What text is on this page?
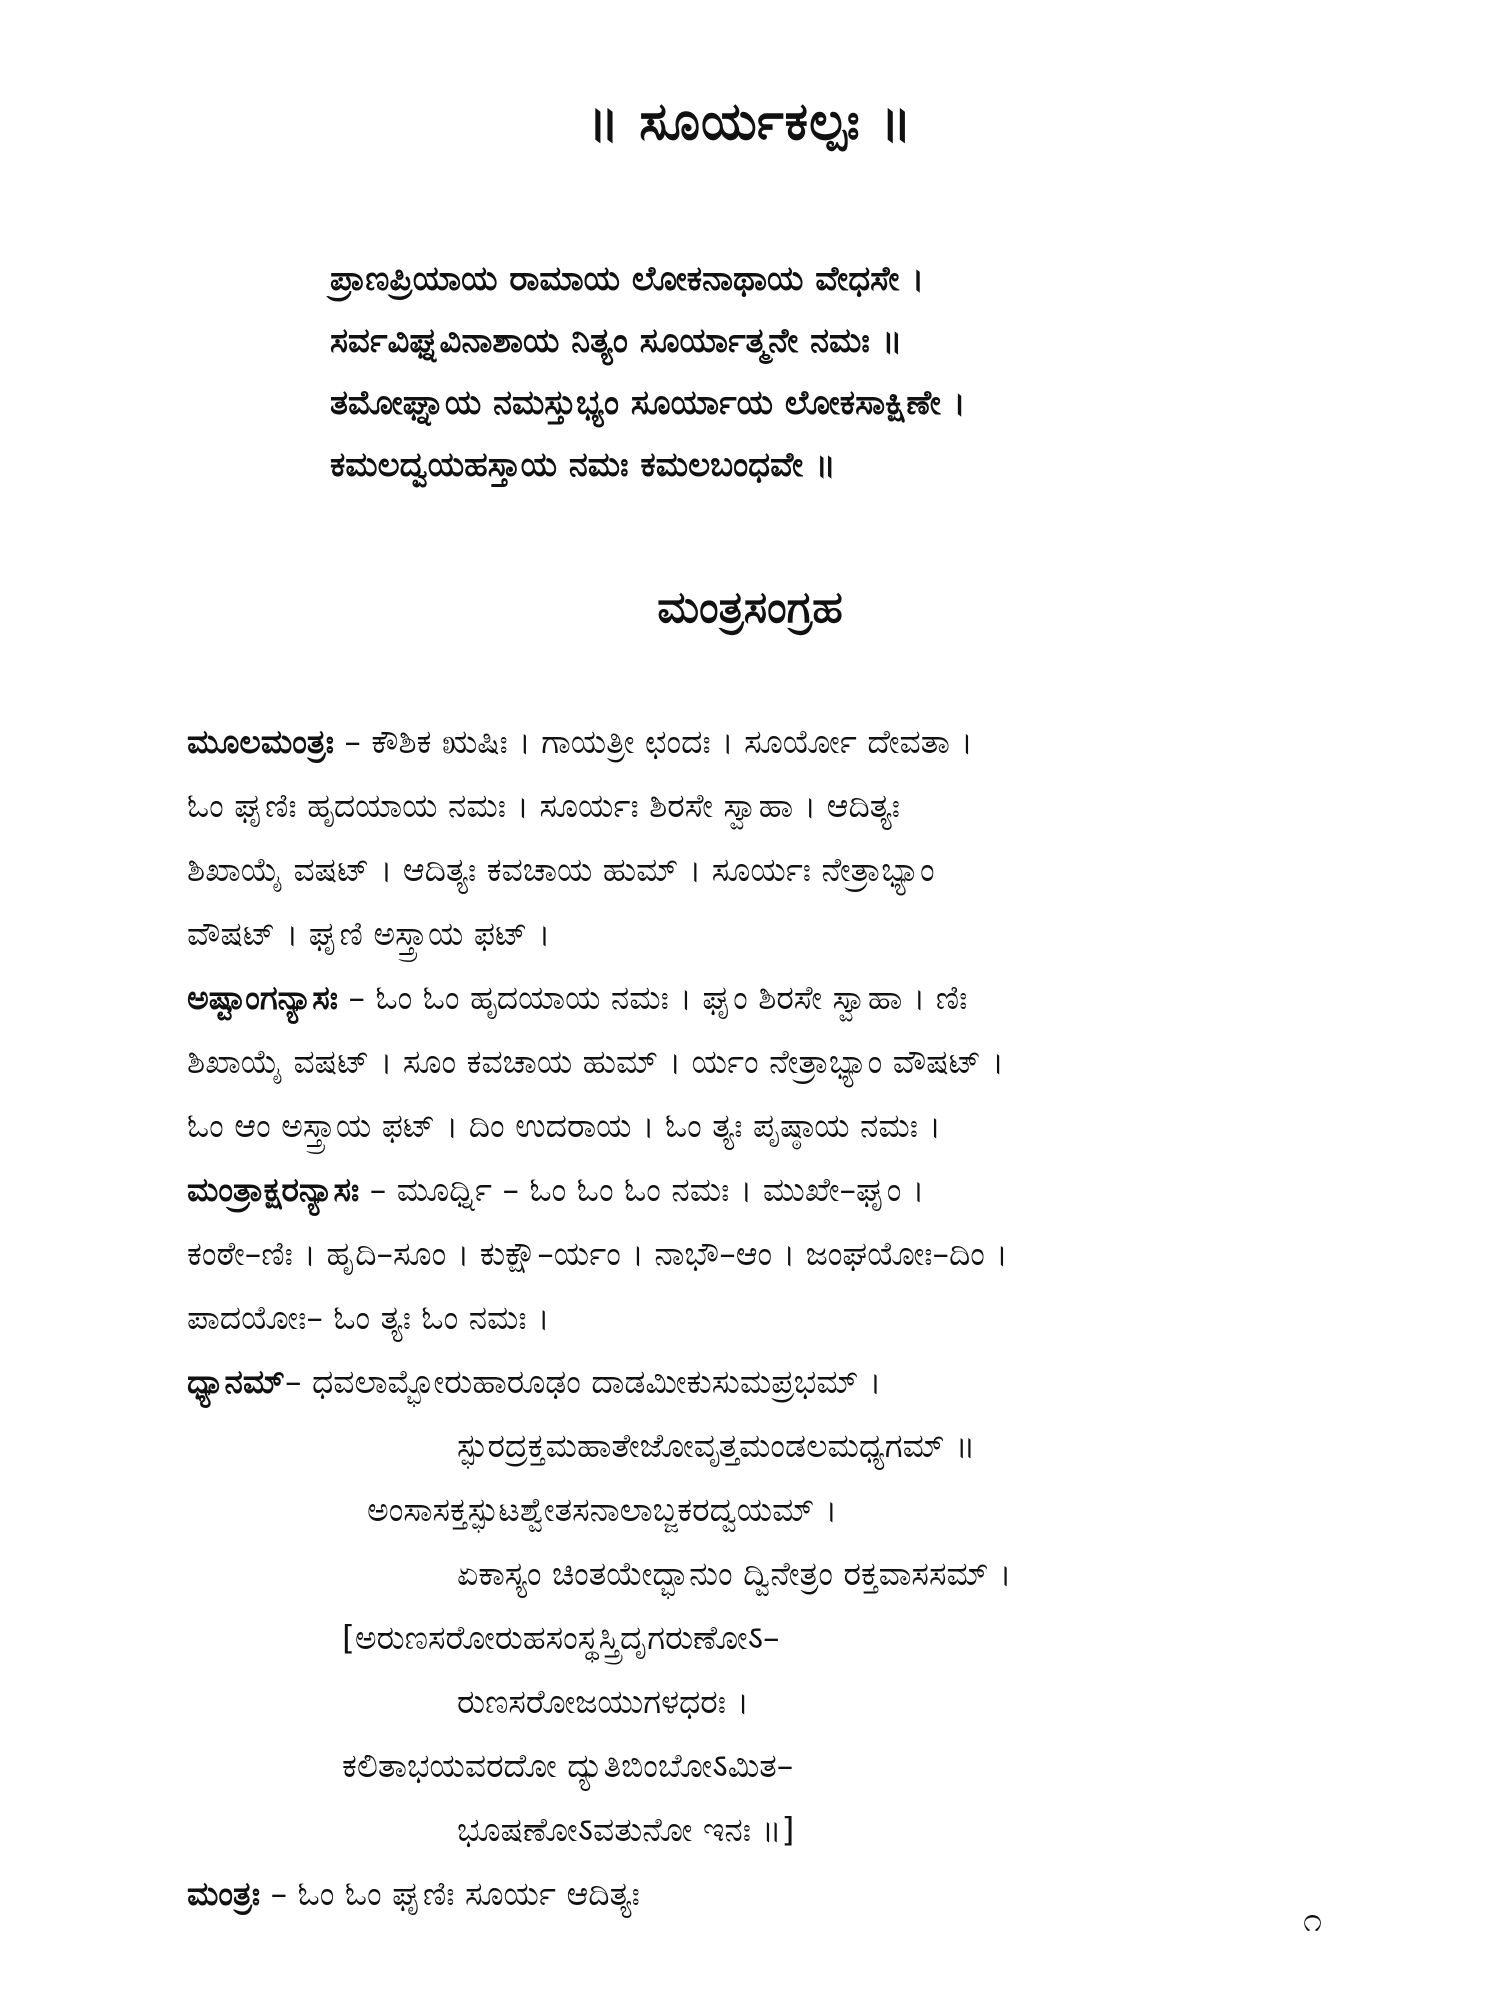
॥ ಸೂರ್ಯಕಲ್ಪಃ ॥
ಪ್ರಾಣಪ್ರಿಯಾಯ ರಾಮಾಯ ಲೋಕನಾಥಾಯ ವೇಧಸೇ ।
ಸರ್ವವಿಘ್ನವಿನಾಶಾಯ ನಿತ್ಯಂ ಸೂರ್ಯಾತ್ಮನೇ ನಮಃ ॥
ತಮೋಘ್ನಾಯ ನಮಸ್ತುಭ್ಯಂ ಸೂರ್ಯಾಯ ಲೋಕಸಾಕ್ಷಿಣೇ ।
ಕಮಲದ್ವಯಹಸ್ತಾಯ ನಮಃ ಕಮಲಬಂಧವೇ ॥
ಮಂತ್ರಸಂಗ್ರಹ
ಮೂಲಮಂತ್ರಃ – ಕೌಶಿಕ ಋಷಿಃ । ಗಾಯತ್ರೀ ಛಂದಃ । ಸೂರ್ಯೋ ದೇವತಾ ।
ಓಂ ಘೃಣಿಃ ಹೃದಯಾಯ ನಮಃ । ಸೂರ್ಯಃ ಶಿರಸೇ ಸ್ವಾಹಾ । ಆದಿತ್ಯಃ
ಶಿಖಾಯೈ ವಷಟ್ । ಆದಿತ್ಯಃ ಕವಚಾಯ ಹುಮ್ । ಸೂರ್ಯಃ ನೇತ್ರಾಭ್ಯಾಂ
ವೌಷಟ್ । ಘೃಣಿ ಅಸ್ತ್ರಾಯ ಫಟ್ ।
ಅಷ್ಟಾಂಗನ್ಯಾಸಃ – ಓಂ ಓಂ ಹೃದಯಾಯ ನಮಃ । ಘೃಂ ಶಿರಸೇ ಸ್ವಾಹಾ । ಣಿಃ
ಶಿಖಾಯೈ ವಷಟ್ । ಸೂಂ ಕವಚಾಯ ಹುಮ್ । ರ್ಯಂ ನೇತ್ರಾಭ್ಯಾಂ ವೌಷಟ್ ।
ಓಂ ಆಂ ಅಸ್ತ್ರಾಯ ಫಟ್ । ದಿಂ ಉದರಾಯ । ಓಂ ತ್ಯಃ ಪೃಷ್ಠಾಯ ನಮಃ ।
ಮಂತ್ರಾಕ್ಷರನ್ಯಾಸಃ – ಮೂರ್ಧ್ನಿ – ಓಂ ಓಂ ಓಂ ನಮಃ । ಮುಖೇ–ಘೃಂ ।
ಕಂಠೇ–ಣಿಃ । ಹೃದಿ–ಸೂಂ । ಕುಕ್ಷೌ–ರ್ಯಂ । ನಾಭೌ–ಆಂ । ಜಂಘಯೋಃ–ದಿಂ ।
ಪಾದಯೋಃ– ಓಂ ತ್ಯಃ ಓಂ ನಮಃ ।
ಧ್ಯಾನಮ್– ಧವಲಾಮ್ಭೋರುಹಾರೂಢಂ ದಾಡಮೀಕುಸುಮಪ್ರಭಮ್ ।
ಸ್ಫುರದ್ರಕ್ತಮಹಾತೇಜೋವೃತ್ತಮಂಡಲಮಧ್ಯಗಮ್ ॥
ಅಂಸಾಸಕ್ತಸ್ಫುಟಶ್ವೇತಸನಾಲಾಬ್ಜಕರದ್ವಯಮ್ ।
ಏಕಾಸ್ಯಂ ಚಿಂತಯೇದ್ಭಾನುಂ ದ್ವಿನೇತ್ರಂ ರಕ್ತವಾಸಸಮ್ ।
[ಅರುಣಸರೋರುಹಸಂಸ್ಥಸ್ತ್ರಿದೃಗರುಣೋऽ–
ರುಣಸರೋಜಯುಗಳಧರಃ ।
ಕಲಿತಾಭಯವರದೋ ದ್ಯುತಿಬಿಂಬೋऽಮಿತ–
ಭೂಷಣೋऽವತುನೋ ಇನಃ ॥]
ಮಂತ್ರಃ – ಓಂ ಓಂ ಘೃಣಿಃ ಸೂರ್ಯ ಆದಿತ್ಯಃ
೧
